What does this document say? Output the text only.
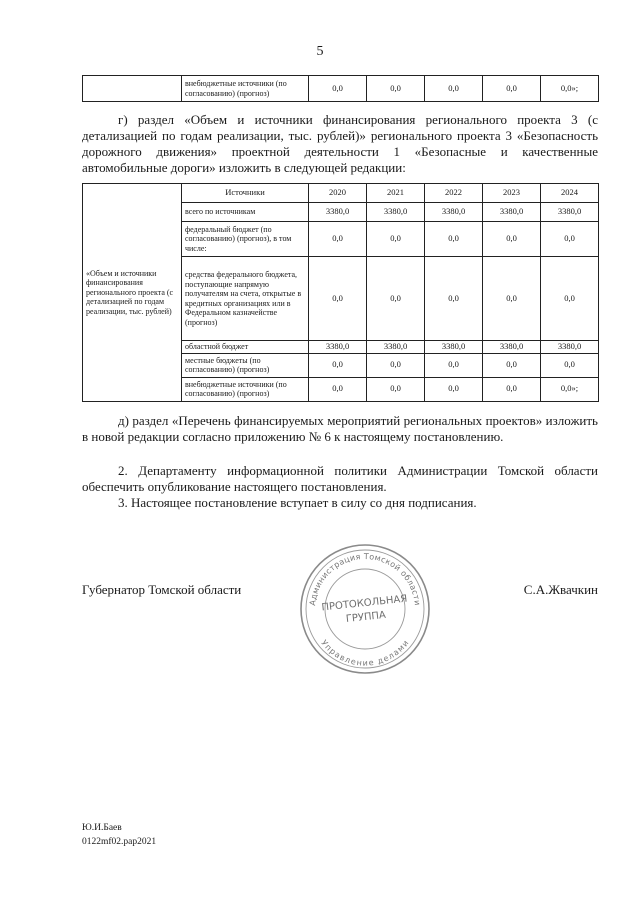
5
	внебюджетные источники (по согласованию) (прогноз)	0,0	0,0	0,0	0,0	0,0»;

г) раздел «Объем и источники финансирования регионального проекта 3 (с детализацией по годам реализации, тыс. рублей)» регионального проекта 3 «Безопасность дорожного движения» проектной деятельности 1 «Безопасные и качественные автомобильные дороги» изложить в следующей редакции:

«Объем и источники финансирования регионального проекта (с детализацией по годам реализации, тыс. рублей)	Источники	2020	2021	2022	2023	2024
	всего по источникам	3380,0	3380,0	3380,0	3380,0	3380,0
	федеральный бюджет (по согласованию) (прогноз), в том числе:	0,0	0,0	0,0	0,0	0,0
	средства федерального бюджета, поступающие напрямую получателям на счета, открытые в кредитных организациях или в Федеральном казначействе (прогноз)	0,0	0,0	0,0	0,0	0,0
	областной бюджет	3380,0	3380,0	3380,0	3380,0	3380,0
	местные бюджеты (по согласованию) (прогноз)	0,0	0,0	0,0	0,0	0,0
	внебюджетные источники (по согласованию) (прогноз)	0,0	0,0	0,0	0,0	0,0»;

д) раздел «Перечень финансируемых мероприятий региональных проектов» изложить в новой редакции согласно приложению № 6 к настоящему постановлению.

2. Департаменту информационной политики Администрации Томской области обеспечить опубликование настоящего постановления.

3. Настоящее постановление вступает в силу со дня подписания.

Губернатор Томской области	С.А.Жвачкин
Администрация Томской области
Управление делами
ПРОТОКОЛЬНАЯ
ГРУППА
Ю.И.Баев
0122mf02.pap2021
